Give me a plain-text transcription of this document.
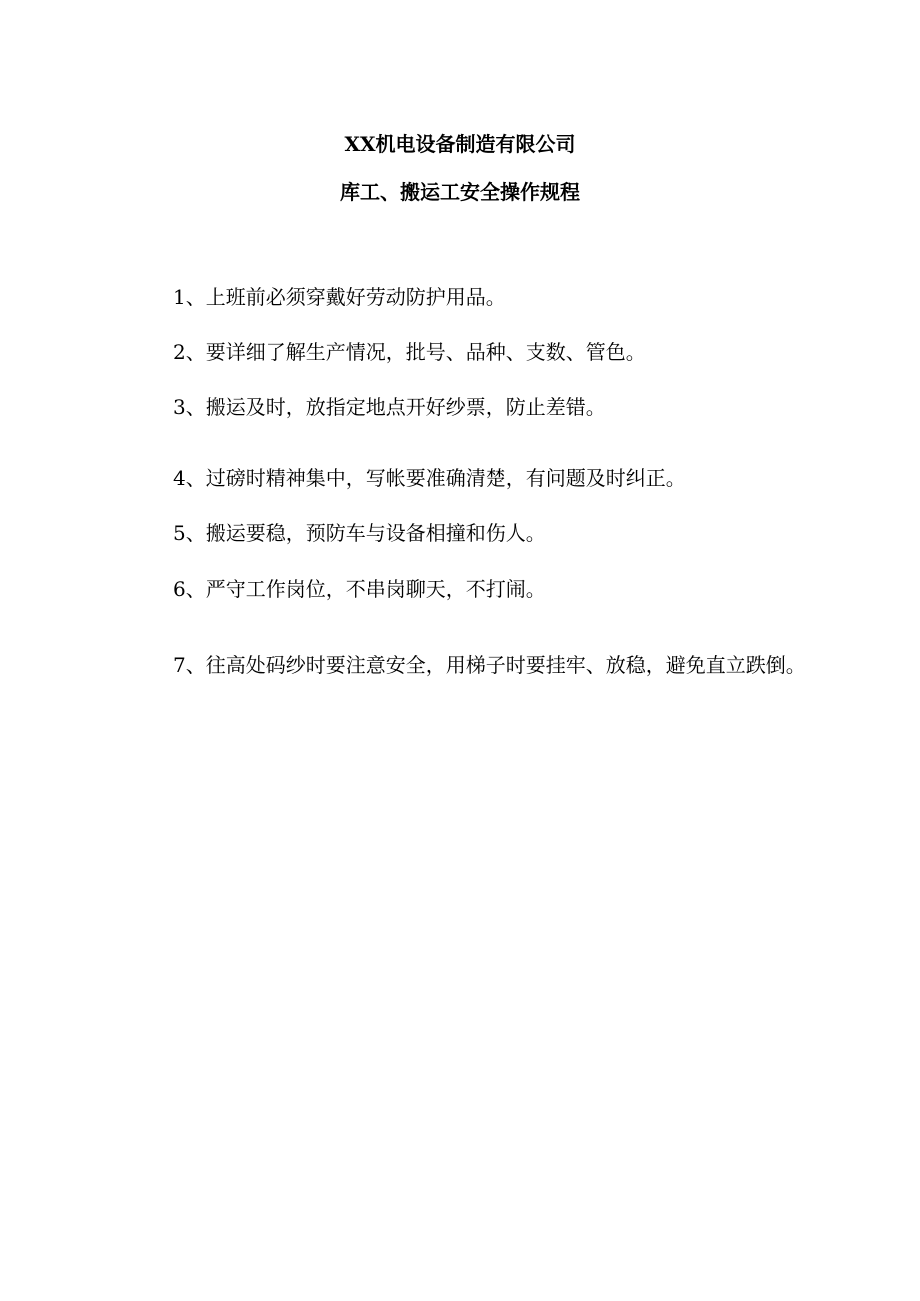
XX机电设备制造有限公司
库工、搬运工安全操作规程

1、上班前必须穿戴好劳动防护用品。

2、要详细了解生产情况，批号、品种、支数、管色。

3、搬运及时，放指定地点开好纱票，防止差错。

4、过磅时精神集中，写帐要准确清楚，有问题及时纠正。

5、搬运要稳，预防车与设备相撞和伤人。

6、严守工作岗位，不串岗聊天，不打闹。

7、往高处码纱时要注意安全，用梯子时要挂牢、放稳，避免直立跌倒。
